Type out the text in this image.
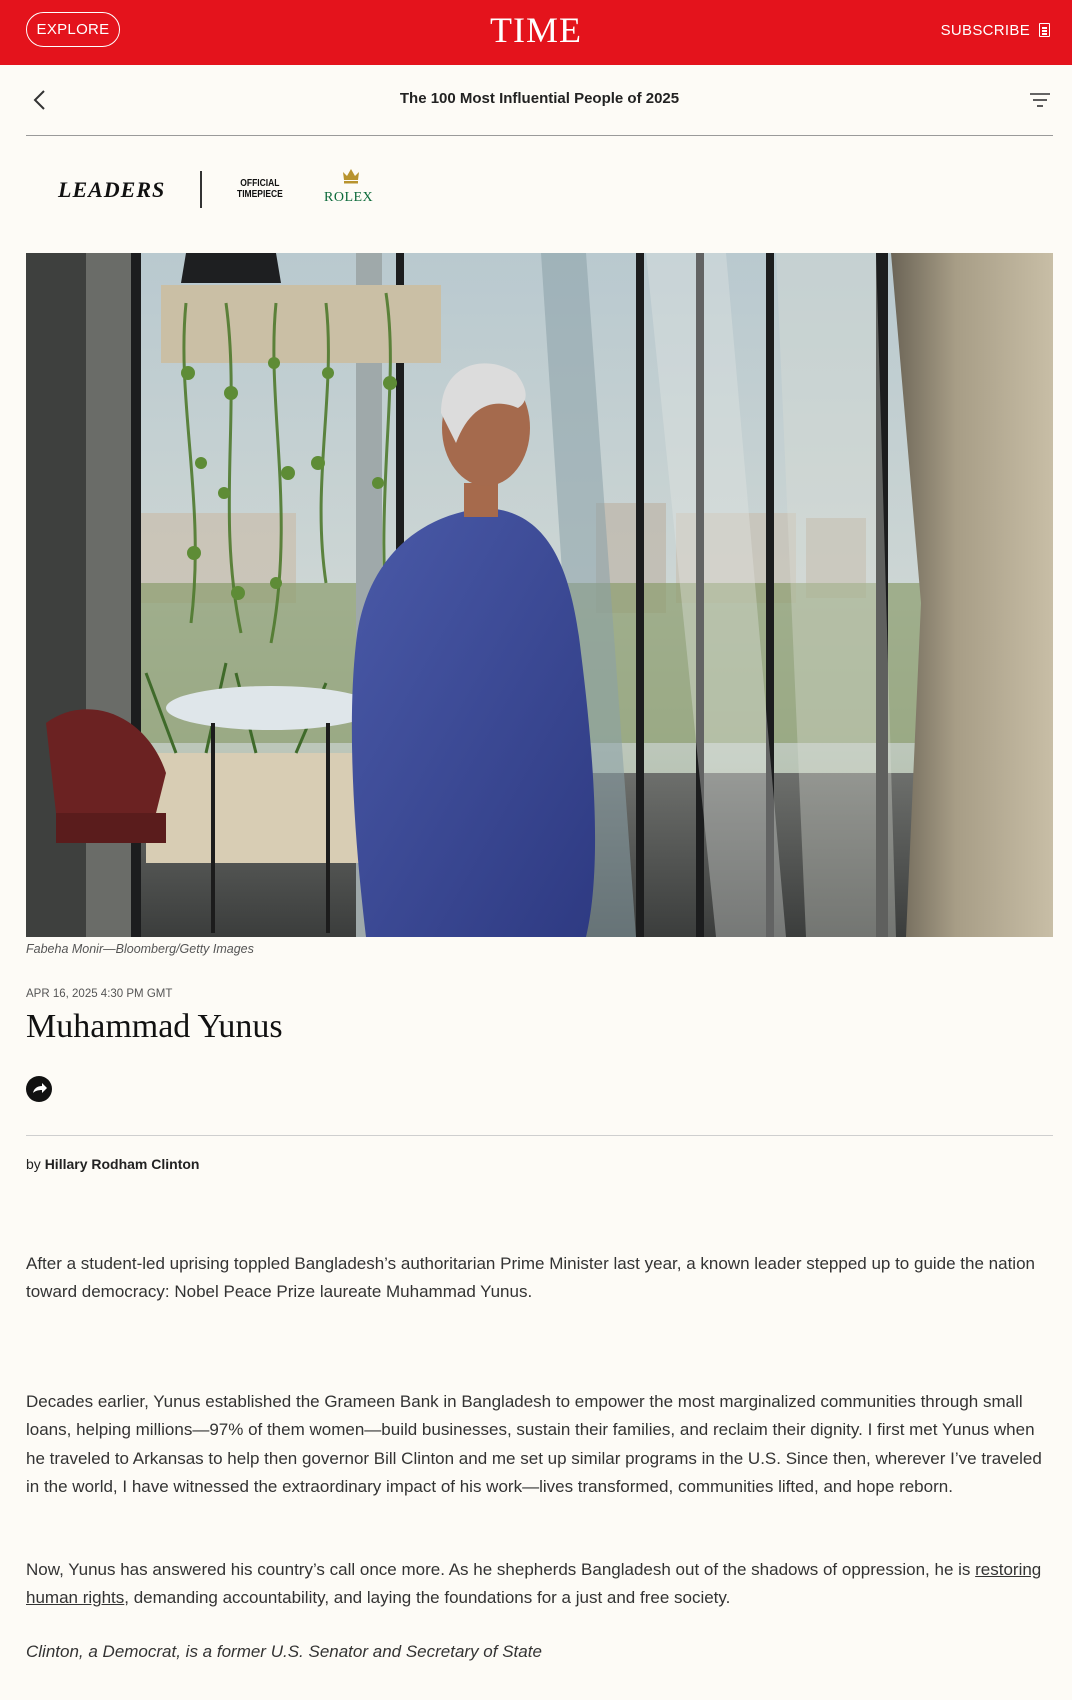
EXPLORE	TIME	SUBSCRIBE
The 100 Most Influential People of 2025
LEADERS	OFFICIAL
TIMEPIECE	ROLEX
Fabeha Monir—Bloomberg/Getty Images
APR 16, 2025 4:30 PM GMT
Muhammad Yunus
by Hillary Rodham Clinton

After a student-led uprising toppled Bangladesh’s authoritarian Prime Minister last year, a known leader stepped up to guide the nation toward democracy: Nobel Peace Prize laureate Muhammad Yunus.

Decades earlier, Yunus established the Grameen Bank in Bangladesh to empower the most marginalized communities through small loans, helping millions—97% of them women—build businesses, sustain their families, and reclaim their dignity. I first met Yunus when he traveled to Arkansas to help then governor Bill Clinton and me set up similar programs in the U.S. Since then, wherever I’ve traveled in the world, I have witnessed the extraordinary impact of his work—lives transformed, communities lifted, and hope reborn.

Now, Yunus has answered his country’s call once more. As he shepherds Bangladesh out of the shadows of oppression, he is restoring human rights, demanding accountability, and laying the foundations for a just and free society.

Clinton, a Democrat, is a former U.S. Senator and Secretary of State
